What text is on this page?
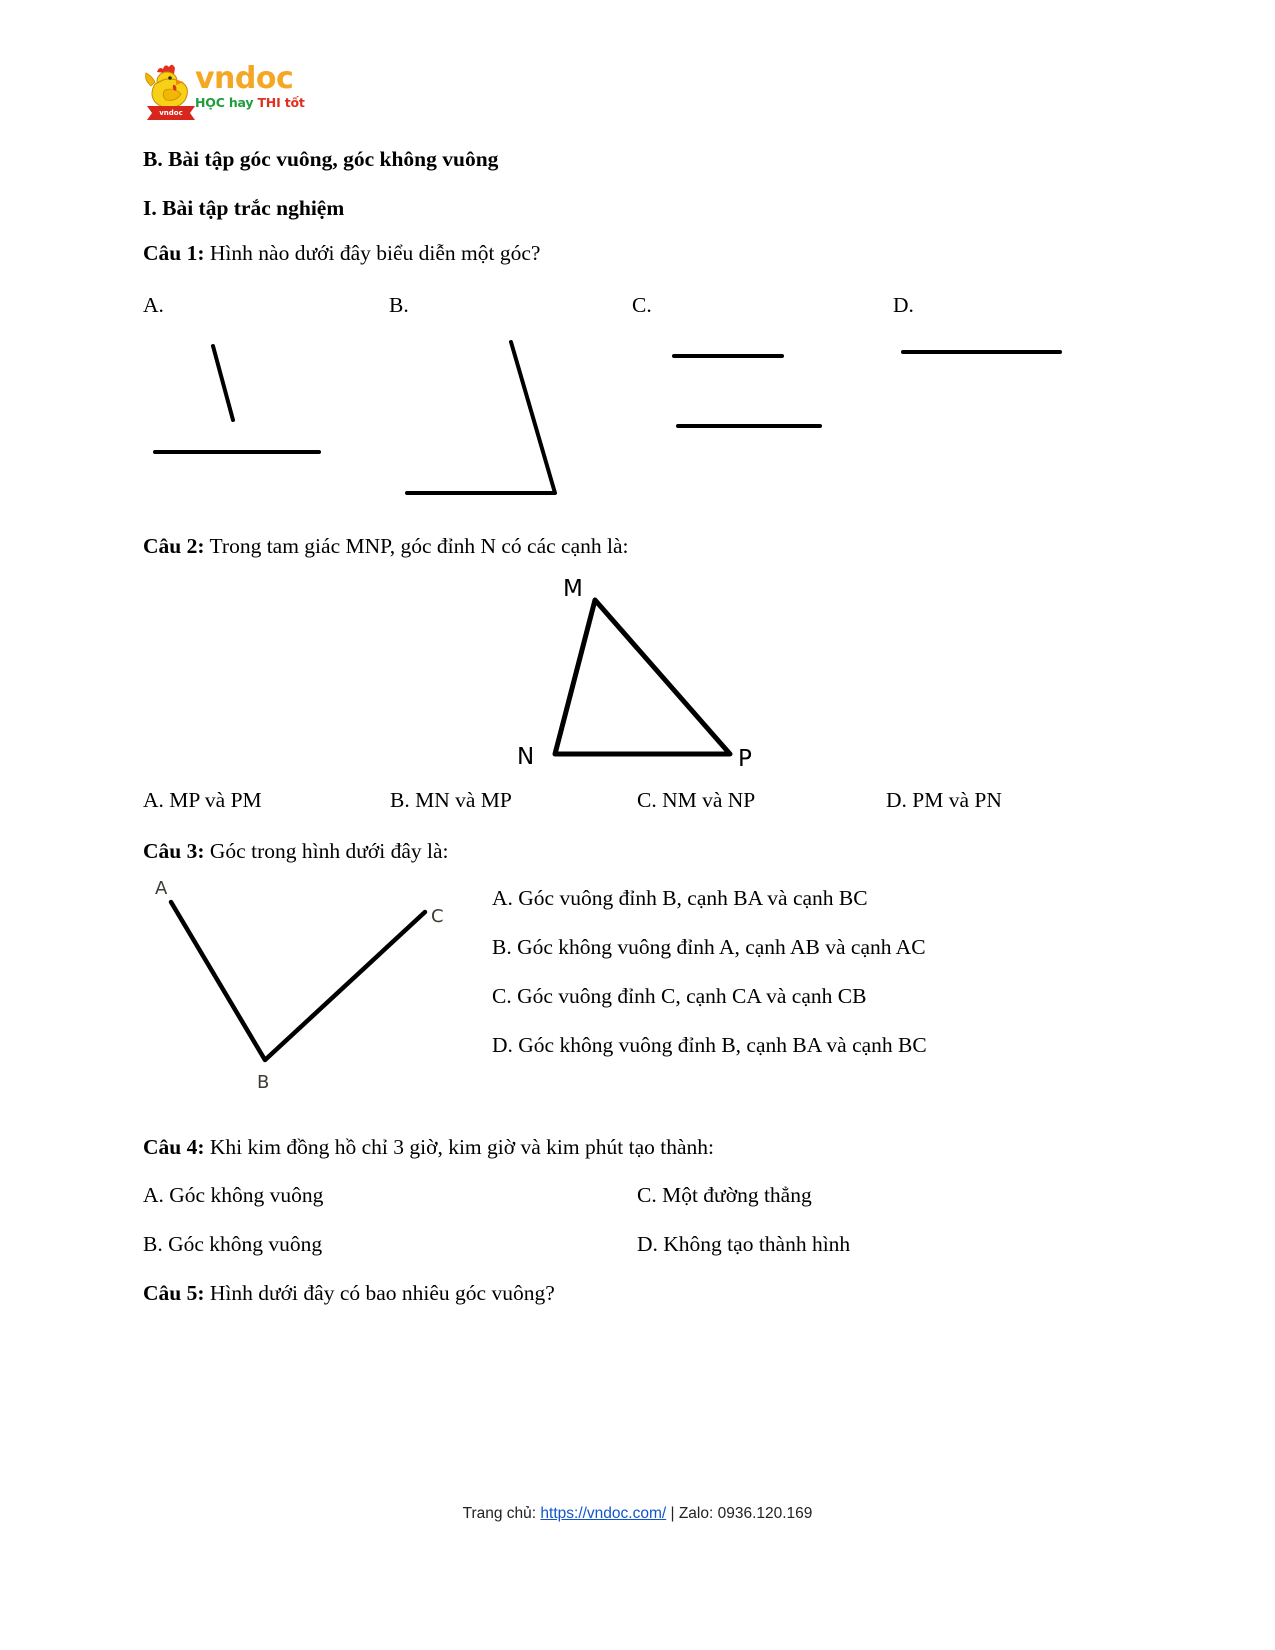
vndoc
vndoc
HỌC hay THI tốt
B. Bài tập góc vuông, góc không vuông
I. Bài tập trắc nghiệm
Câu 1: Hình nào dưới đây biểu diễn một góc?
A.	B.	C.	D.
Câu 2: Trong tam giác MNP, góc đỉnh N có các cạnh là:
M
N	P
A. MP và PM	B. MN và MP	C. NM và NP	D. PM và PN
Câu 3: Góc trong hình dưới đây là:
A
C
B
A. Góc vuông đỉnh B, cạnh BA và cạnh BC
B. Góc không vuông đỉnh A, cạnh AB và cạnh AC
C. Góc vuông đỉnh C, cạnh CA và cạnh CB
D. Góc không vuông đỉnh B, cạnh BA và cạnh BC
Câu 4: Khi kim đồng hồ chỉ 3 giờ, kim giờ và kim phút tạo thành:
A. Góc không vuông	C. Một đường thẳng
B. Góc không vuông	D. Không tạo thành hình
Câu 5: Hình dưới đây có bao nhiêu góc vuông?
Trang chủ: https://vndoc.com/ | Zalo: 0936.120.169
